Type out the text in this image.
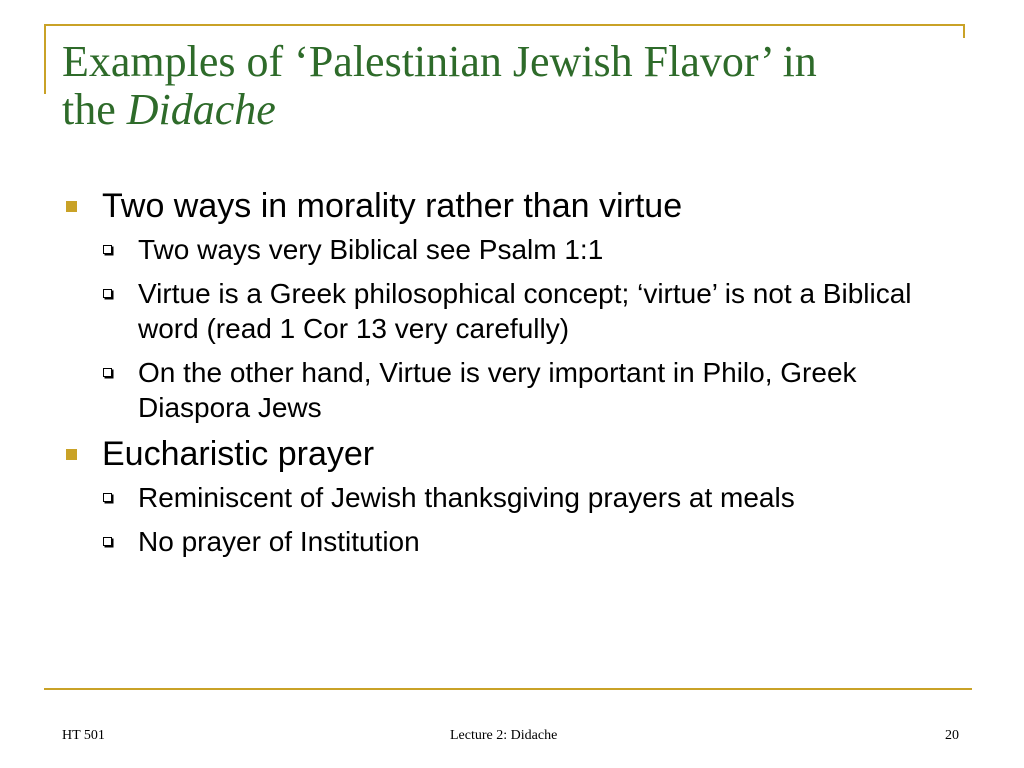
Examples of ‘Palestinian Jewish Flavor’ in
the Didache
Two ways in morality rather than virtue
Two ways very Biblical see Psalm 1:1
Virtue is a Greek philosophical concept; ‘virtue’ is not a Biblical word (read 1 Cor 13 very carefully)
On the other hand, Virtue is very important in Philo, Greek Diaspora Jews
Eucharistic prayer
Reminiscent of Jewish thanksgiving prayers at meals
No prayer of Institution
HT 501	Lecture 2: Didache	20
